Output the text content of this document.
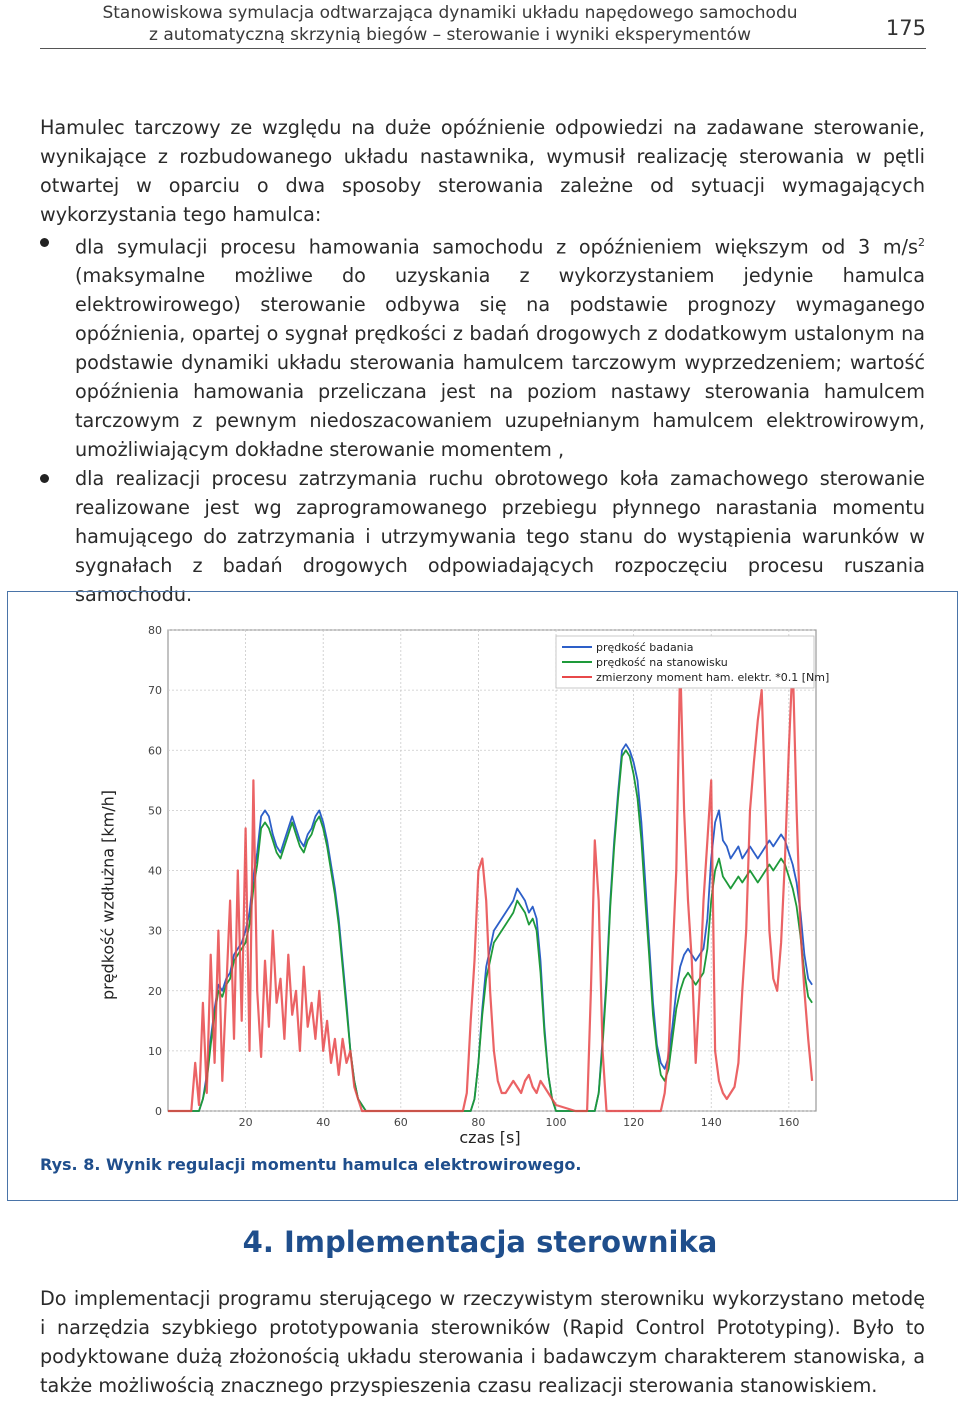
Stanowiskowa symulacja odtwarzająca dynamiki układu napędowego samochodu
z automatyczną skrzynią biegów – sterowanie i wyniki eksperymentów	175
Hamulec tarczowy ze względu na duże opóźnienie odpowiedzi na zadawane sterowanie, wynikające z rozbudowanego układu nastawnika, wymusił realizację sterowania w pętli otwartej w oparciu o dwa sposoby sterowania zależne od sytuacji wymagających wykorzystania tego hamulca:
dla symulacji procesu hamowania samochodu z opóźnieniem większym od 3 $m/s^2$ (maksymalne możliwe do uzyskania z wykorzystaniem jedynie hamulca elektrowirowego) sterowanie odbywa się na podstawie prognozy wymaganego opóźnienia, opartej o sygnał prędkości z badań drogowych z dodatkowym ustalonym na podstawie dynamiki układu sterowania hamulcem tarczowym wyprzedzeniem; wartość opóźnienia hamowania przeliczana jest na poziom nastawy sterowania hamulcem tarczowym z pewnym niedoszacowaniem uzupełnianym hamulcem elektrowirowym, umożliwiającym dokładne sterowanie momentem ,
dla realizacji procesu zatrzymania ruchu obrotowego koła zamachowego sterowanie realizowane jest wg zaprogramowanego przebiegu płynnego narastania momentu hamującego do zatrzymania i utrzymywania tego stanu do wystąpienia warunków w sygnałach z badań drogowych odpowiadających rozpoczęciu procesu ruszania samochodu.
0
10
20
30
40
50
60
70
80
20	40	60	80	100	120	140	160
prędkość badania
prędkość na stanowisku
zmierzony moment ham. elektr. *0.1 [Nm]
prędkość wzdłużna [km/h]
czas [s]
Rys. 8. Wynik regulacji momentu hamulca elektrowirowego.
4. Implementacja sterownika
Do implementacji programu sterującego w rzeczywistym sterowniku wykorzystano metodę i narzędzia szybkiego prototypowania sterowników (Rapid Control Prototyping). Było to podyktowane dużą złożonością układu sterowania i badawczym charakterem stanowiska, a także możliwością znacznego przyspieszenia czasu realizacji sterowania stanowiskiem.
